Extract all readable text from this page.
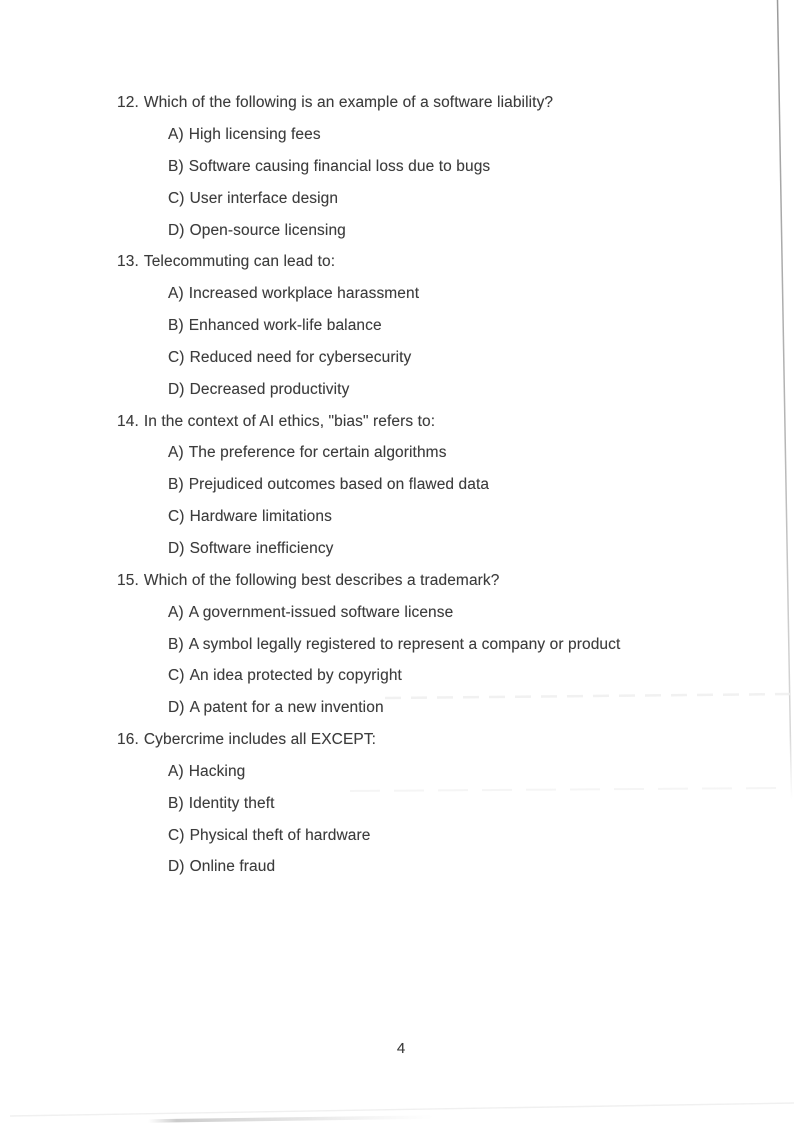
12. Which of the following is an example of a software liability?
A) High licensing fees
B) Software causing financial loss due to bugs
C) User interface design
D) Open-source licensing
13. Telecommuting can lead to:
A) Increased workplace harassment
B) Enhanced work-life balance
C) Reduced need for cybersecurity
D) Decreased productivity
14. In the context of AI ethics, "bias" refers to:
A) The preference for certain algorithms
B) Prejudiced outcomes based on flawed data
C) Hardware limitations
D) Software inefficiency
15. Which of the following best describes a trademark?
A) A government-issued software license
B) A symbol legally registered to represent a company or product
C) An idea protected by copyright
D) A patent for a new invention
16. Cybercrime includes all EXCEPT:
A) Hacking
B) Identity theft
C) Physical theft of hardware
D) Online fraud
4
